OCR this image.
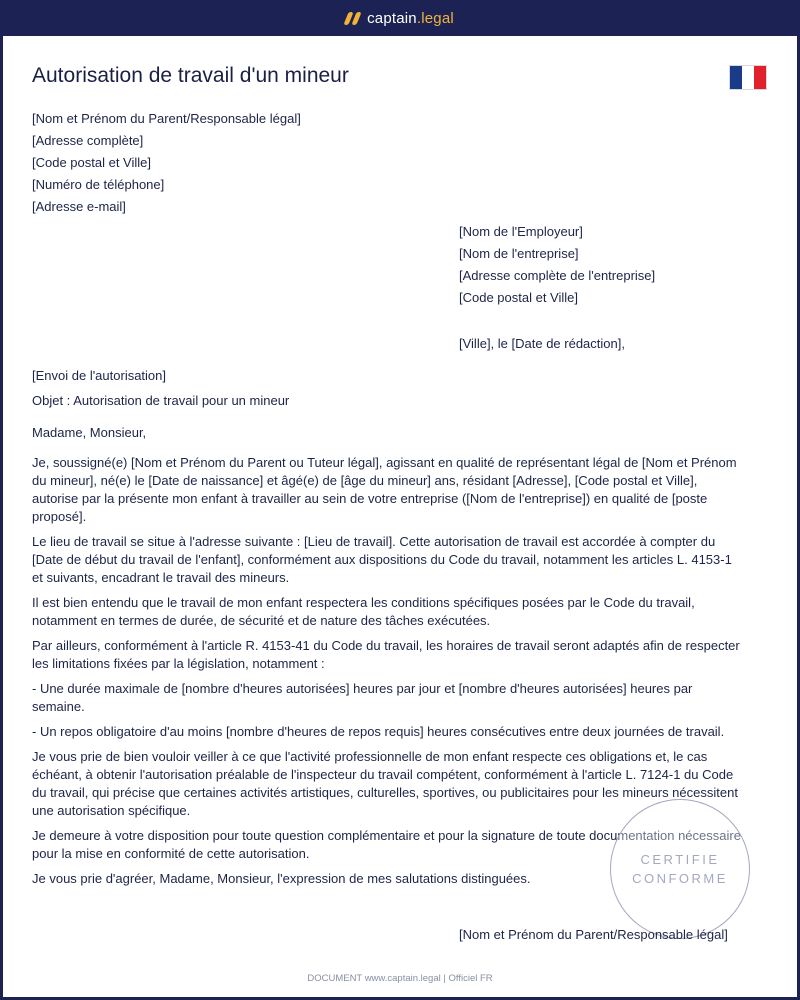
captain.legal
Autorisation de travail d'un mineur
[Nom et Prénom du Parent/Responsable légal]
[Adresse complète]
[Code postal et Ville]
[Numéro de téléphone]
[Adresse e-mail]
[Nom de l'Employeur]
[Nom de l'entreprise]
[Adresse complète de l'entreprise]
[Code postal et Ville]
[Ville], le [Date de rédaction],
[Envoi de l'autorisation]
Objet : Autorisation de travail pour un mineur
Madame, Monsieur,

Je, soussigné(e) [Nom et Prénom du Parent ou Tuteur légal], agissant en qualité de représentant légal de [Nom et Prénom du mineur], né(e) le [Date de naissance] et âgé(e) de [âge du mineur] ans, résidant [Adresse], [Code postal et Ville], autorise par la présente mon enfant à travailler au sein de votre entreprise ([Nom de l'entreprise]) en qualité de [poste proposé].

Le lieu de travail se situe à l'adresse suivante : [Lieu de travail]. Cette autorisation de travail est accordée à compter du [Date de début du travail de l'enfant], conformément aux dispositions du Code du travail, notamment les articles L. 4153-1 et suivants, encadrant le travail des mineurs.

Il est bien entendu que le travail de mon enfant respectera les conditions spécifiques posées par le Code du travail, notamment en termes de durée, de sécurité et de nature des tâches exécutées.

Par ailleurs, conformément à l'article R. 4153-41 du Code du travail, les horaires de travail seront adaptés afin de respecter les limitations fixées par la législation, notamment :

- Une durée maximale de [nombre d'heures autorisées] heures par jour et [nombre d'heures autorisées] heures par semaine.

- Un repos obligatoire d'au moins [nombre d'heures de repos requis] heures consécutives entre deux journées de travail.

Je vous prie de bien vouloir veiller à ce que l'activité professionnelle de mon enfant respecte ces obligations et, le cas échéant, à obtenir l'autorisation préalable de l'inspecteur du travail compétent, conformément à l'article L. 7124-1 du Code du travail, qui précise que certaines activités artistiques, culturelles, sportives, ou publicitaires pour les mineurs nécessitent une autorisation spécifique.

Je demeure à votre disposition pour toute question complémentaire et pour la signature de toute documentation nécessaire pour la mise en conformité de cette autorisation.

Je vous prie d'agréer, Madame, Monsieur, l'expression de mes salutations distinguées.

CERTIFIE
CONFORME
[Nom et Prénom du Parent/Responsable légal]
DOCUMENT www.captain.legal | Officiel FR
